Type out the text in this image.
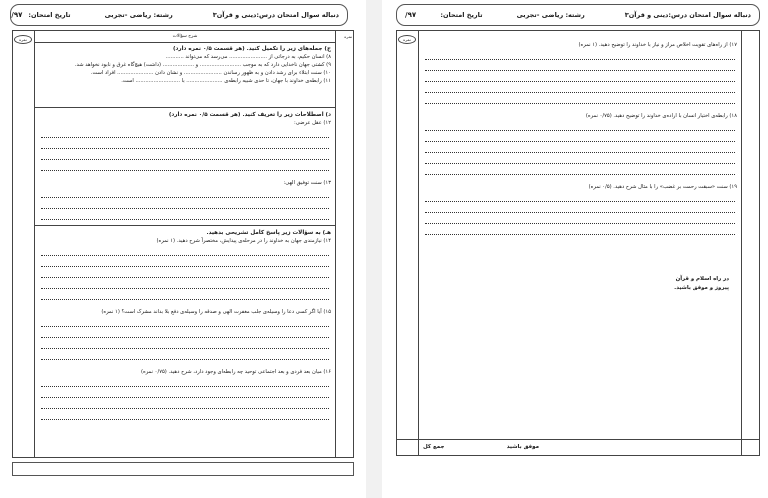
دنباله سوال امتحان درس:دینی و قرآن۳
رشته: ریاضی -تجربی
تاریخ امتحان:
۹۷/
نمره
شرح سؤالات	نمره
ج) جمله‌های زیر را تکمیل کنید. (هر قسمت ۰/۵ نمره دارد)
۸) انسان حکیم، به درجاتی از ....................... می‌رسد که می‌تواند ...........
۹) کشتی جهان ناخدایی دارد که به موجب ......................... و ................... (داشت) هیچ‌گاه غرق و نابود نخواهد شد.
۱۰) سنت ابتلاء برای رشد دادن و به ظهور رساندن ....................... و نشان دادن ...................... افراد است.
۱۱) رابطه‌ی خداوند با جهان، تا حدی شبیه رابطه‌ی ...................... با ........................... است.
د) اصطلاحات زیر را تعریف کنید. (هر قسمت ۰/۵ نمره دارد)
۱۲) عقل عرضی:
۱۳) سنت توفیق الهی:
هـ) به سؤالات زیر پاسخ کامل تشریحی بدهید.
۱۴) نیازمندی جهان به خداوند را در مرحله‌ی پیدایش، مختصراً شرح دهید. (۱ نمره)
۱۵) آیا اگر کسی دعا را وسیله‌ی جلب مغفرت الهی و صدقه را وسیله‌ی دفع بلا بداند مشرک است؟ (۱ نمره)
۱۶) میان بعد فردی و بعد اجتماعی توحید چه رابطه‌ای وجود دارد، شرح دهید. (۰/۷۵ نمره)
دنباله سوال امتحان درس:دینی و قرآن۳
رشته: ریاضی -تجربی
تاریخ امتحان:
۹۷/
نمره
۱۷) از راه‌های تقویت اخلاص مراز و نیاز با خداوند را توضیح دهید. (۱ نمره)
۱۸) رابطه‌ی اختیار انسان با اراده‌ی خداوند را توضیح دهید. (۰/۷۵ نمره)
۱۹) سنت «سبقت رحمت بر غضب» را با مثال شرح دهید. (۰/۵ نمره)
در راه اسلام و قرآن
پیروز و موفق باشید.
موفق باشید
جمع کل
